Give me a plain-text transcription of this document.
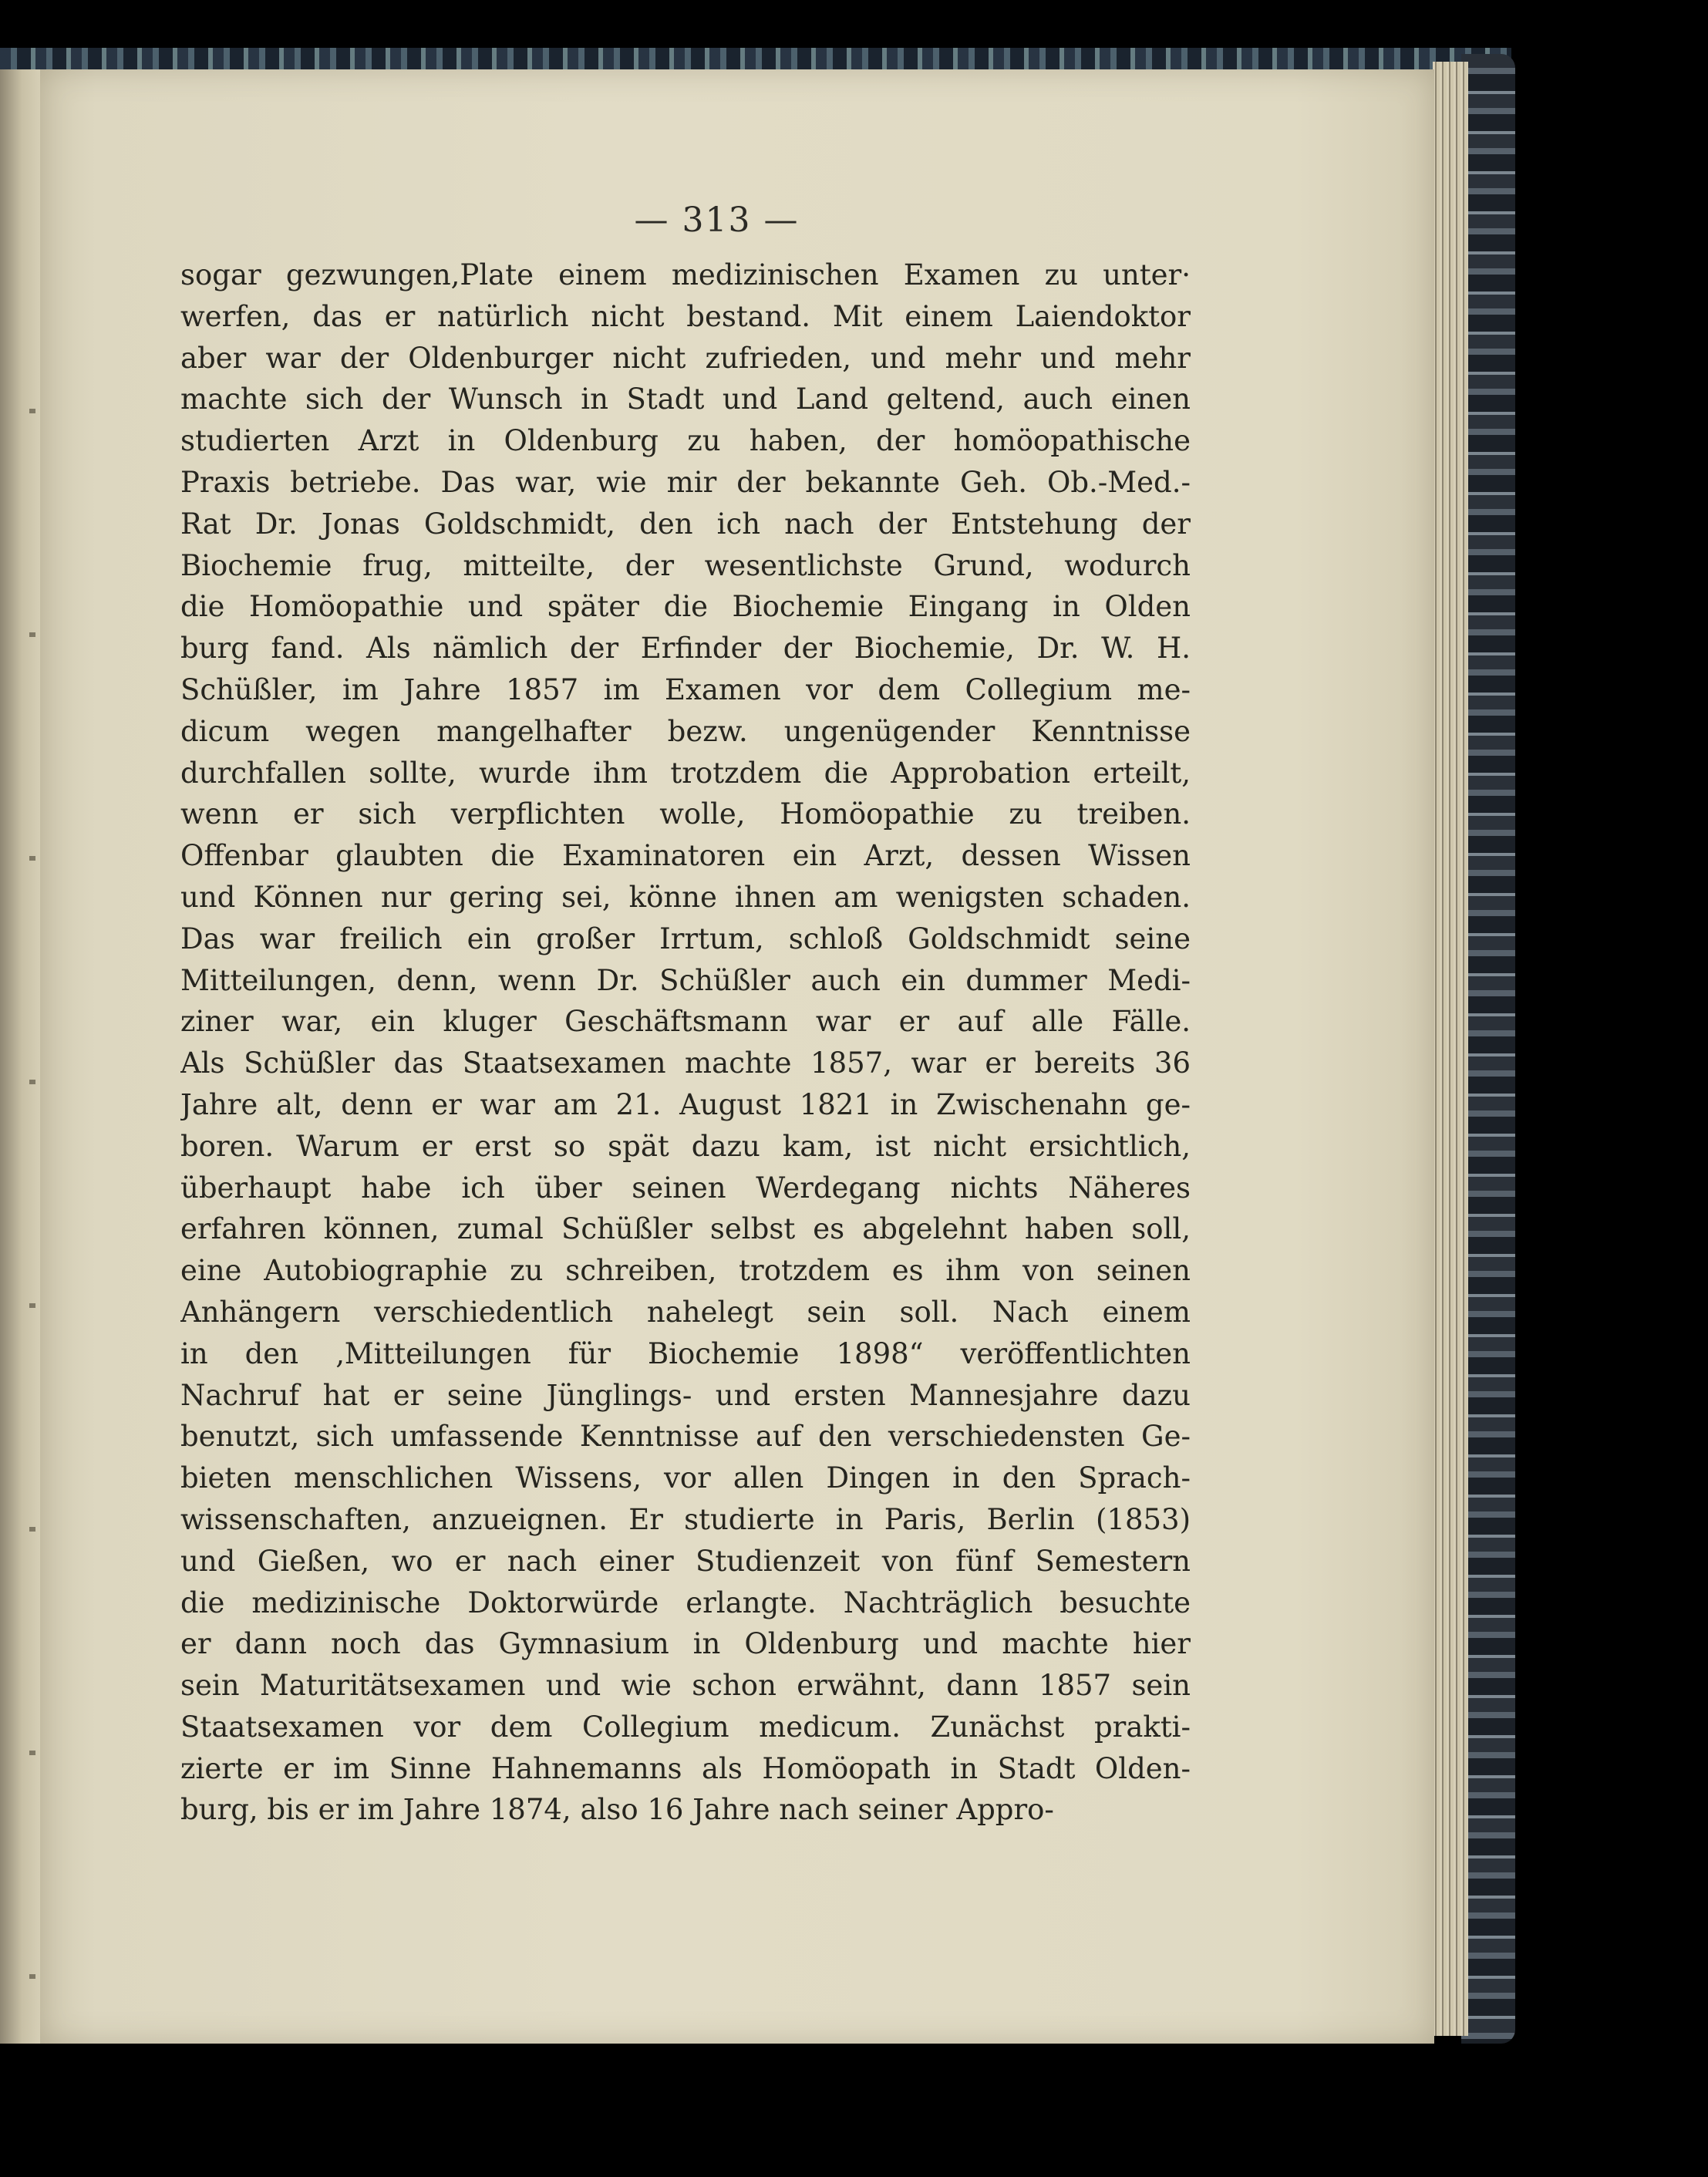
— 313 —
sogar gezwungen,Plate einem medizinischen Examen zu unter·
werfen, das er natürlich nicht bestand. Mit einem Laiendoktor
aber war der Oldenburger nicht zufrieden, und mehr und mehr
machte sich der Wunsch in Stadt und Land geltend, auch einen
studierten Arzt in Oldenburg zu haben, der homöopathische
Praxis betriebe. Das war, wie mir der bekannte Geh. Ob.-Med.-
Rat Dr. Jonas Goldschmidt, den ich nach der Entstehung der
Biochemie frug, mitteilte, der wesentlichste Grund, wodurch
die Homöopathie und später die Biochemie Eingang in Olden
burg fand. Als nämlich der Erfinder der Biochemie, Dr. W. H.
Schüßler, im Jahre 1857 im Examen vor dem Collegium me-
dicum wegen mangelhafter bezw. ungenügender Kenntnisse
durchfallen sollte, wurde ihm trotzdem die Approbation erteilt,
wenn er sich verpflichten wolle, Homöopathie zu treiben.
Offenbar glaubten die Examinatoren ein Arzt, dessen Wissen
und Können nur gering sei, könne ihnen am wenigsten schaden.
Das war freilich ein großer Irrtum, schloß Goldschmidt seine
Mitteilungen, denn, wenn Dr. Schüßler auch ein dummer Medi-
ziner war, ein kluger Geschäftsmann war er auf alle Fälle.
Als Schüßler das Staatsexamen machte 1857, war er bereits 36
Jahre alt, denn er war am 21. August 1821 in Zwischenahn ge-
boren. Warum er erst so spät dazu kam, ist nicht ersichtlich,
überhaupt habe ich über seinen Werdegang nichts Näheres
erfahren können, zumal Schüßler selbst es abgelehnt haben soll,
eine Autobiographie zu schreiben, trotzdem es ihm von seinen
Anhängern verschiedentlich nahelegt sein soll. Nach einem
in den ‚Mitteilungen für Biochemie 1898“ veröffentlichten
Nachruf hat er seine Jünglings- und ersten Mannesjahre dazu
benutzt, sich umfassende Kenntnisse auf den verschiedensten Ge-
bieten menschlichen Wissens, vor allen Dingen in den Sprach-
wissenschaften, anzueignen. Er studierte in Paris, Berlin (1853)
und Gießen, wo er nach einer Studienzeit von fünf Semestern
die medizinische Doktorwürde erlangte. Nachträglich besuchte
er dann noch das Gymnasium in Oldenburg und machte hier
sein Maturitätsexamen und wie schon erwähnt, dann 1857 sein
Staatsexamen vor dem Collegium medicum. Zunächst prakti-
zierte er im Sinne Hahnemanns als Homöopath in Stadt Olden-
burg, bis er im Jahre 1874, also 16 Jahre nach seiner Appro-
